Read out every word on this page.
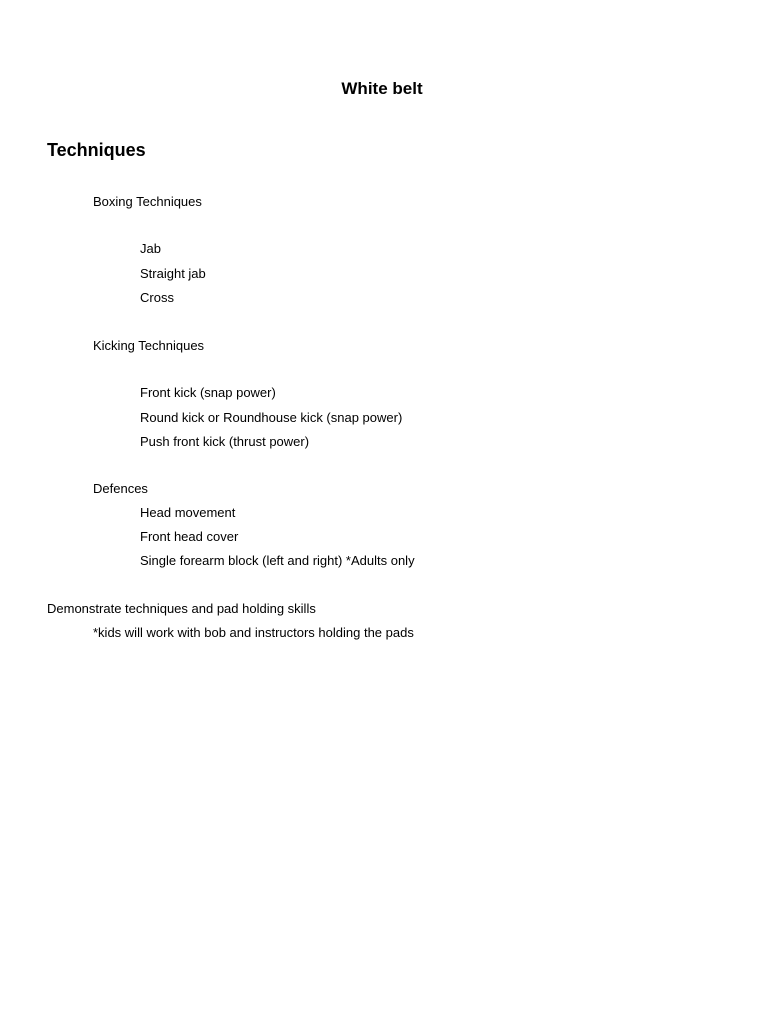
White belt
Techniques
Boxing Techniques
Jab
Straight jab
Cross
Kicking Techniques
Front kick (snap power)
Round kick or Roundhouse kick (snap power)
Push front kick (thrust power)
Defences
Head movement
Front head cover
Single forearm block (left and right) *Adults only
Demonstrate techniques and pad holding skills
*kids will work with bob and instructors holding the pads
